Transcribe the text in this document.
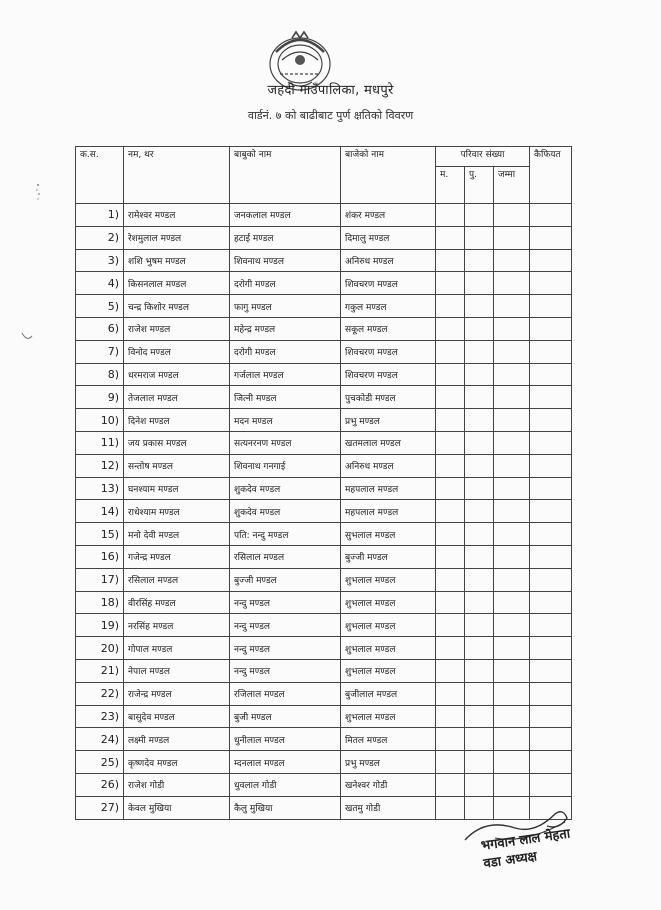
जहदी गाउँपालिका, मधपुरे
वार्डनं. ७ को बाढीबाट पुर्ण क्षतिको विवरण
क.स.	नम, थर	बाबुको नाम	बाजेको नाम	परिवार संख्या			कैफियत
				म.	पु.	जम्मा	
1)	रामेश्वर मण्डल	जनकलाल मण्डल	शंकर मण्डल				
2)	रेशमुलाल मण्डल	हटाई मण्डल	दिमालु मण्डल				
3)	शशि भुषम मण्डल	शिवनाथ मण्डल	अनिरुध मण्डल				
4)	किसनलाल मण्डल	दरोगी मण्डल	शिवचरण मण्डल				
5)	चन्द्र किशोर मण्डल	फागु मण्डल	गकुल मण्डल				
6)	राजेश मण्डल	महेन्द्र मण्डल	सकूल मण्डल				
7)	विनोद मण्डल	दरोगी मण्डल	शिवचरण मण्डल				
8)	धरमराज मण्डल	गर्जलाल मण्डल	शिवचरण मण्डल				
9)	तेजलाल मण्डल	जित्नी मण्डल	पुचकोडी मण्डल				
10)	दिनेश मण्डल	मदन मण्डल	प्रभु मण्डल				
11)	जय प्रकास मण्डल	सत्यनरनण मण्डल	खतमलाल मण्डल				
12)	सन्तोष मण्डल	शिवनाथ गनगाई	अनिरुध मण्डल				
13)	घनश्याम मण्डल	शुकदेव मण्डल	महपलाल मण्डल				
14)	राधेश्याम मण्डल	शुकदेव मण्डल	महपलाल मण्डल				
15)	मनो देवी मण्डल	पति: नन्दु मण्डल	सुभलाल मण्डल				
16)	गजेन्द्र मण्डल	रसिलाल मण्डल	बुज्जी मण्डल				
17)	रसिलाल मण्डल	बुज्जी मण्डल	शुभलाल मण्डल				
18)	वीरसिंह मण्डल	नन्दु मण्डल	शुभलाल मण्डल				
19)	नरसिंह मण्डल	नन्दु मण्डल	शुभलाल मण्डल				
20)	गोपाल मण्डल	नन्दु मण्डल	शुभलाल मण्डल				
21)	नेपाल मण्डल	नन्दु मण्डल	शुभलाल मण्डल				
22)	राजेन्द्र मण्डल	रजिलाल मण्डल	बुजीलाल मण्डल				
23)	बासुदेव मण्डल	बुजी मण्डल	शुभलाल मण्डल				
24)	लक्ष्मी मण्डल	धुनीलाल मण्डल	मितल मण्डल				
25)	कृष्णदेव मण्डल	म्दनलाल मण्डल	प्रभु मण्डल				
26)	राजेश गोडी	धुवलाल गोडी	खनेश्वर गोडी				
27)	केवल मुखिया	कैलु मुखिया	खतमु गोडी				
भगवान लाल मेहता
वडा अध्यक्ष
